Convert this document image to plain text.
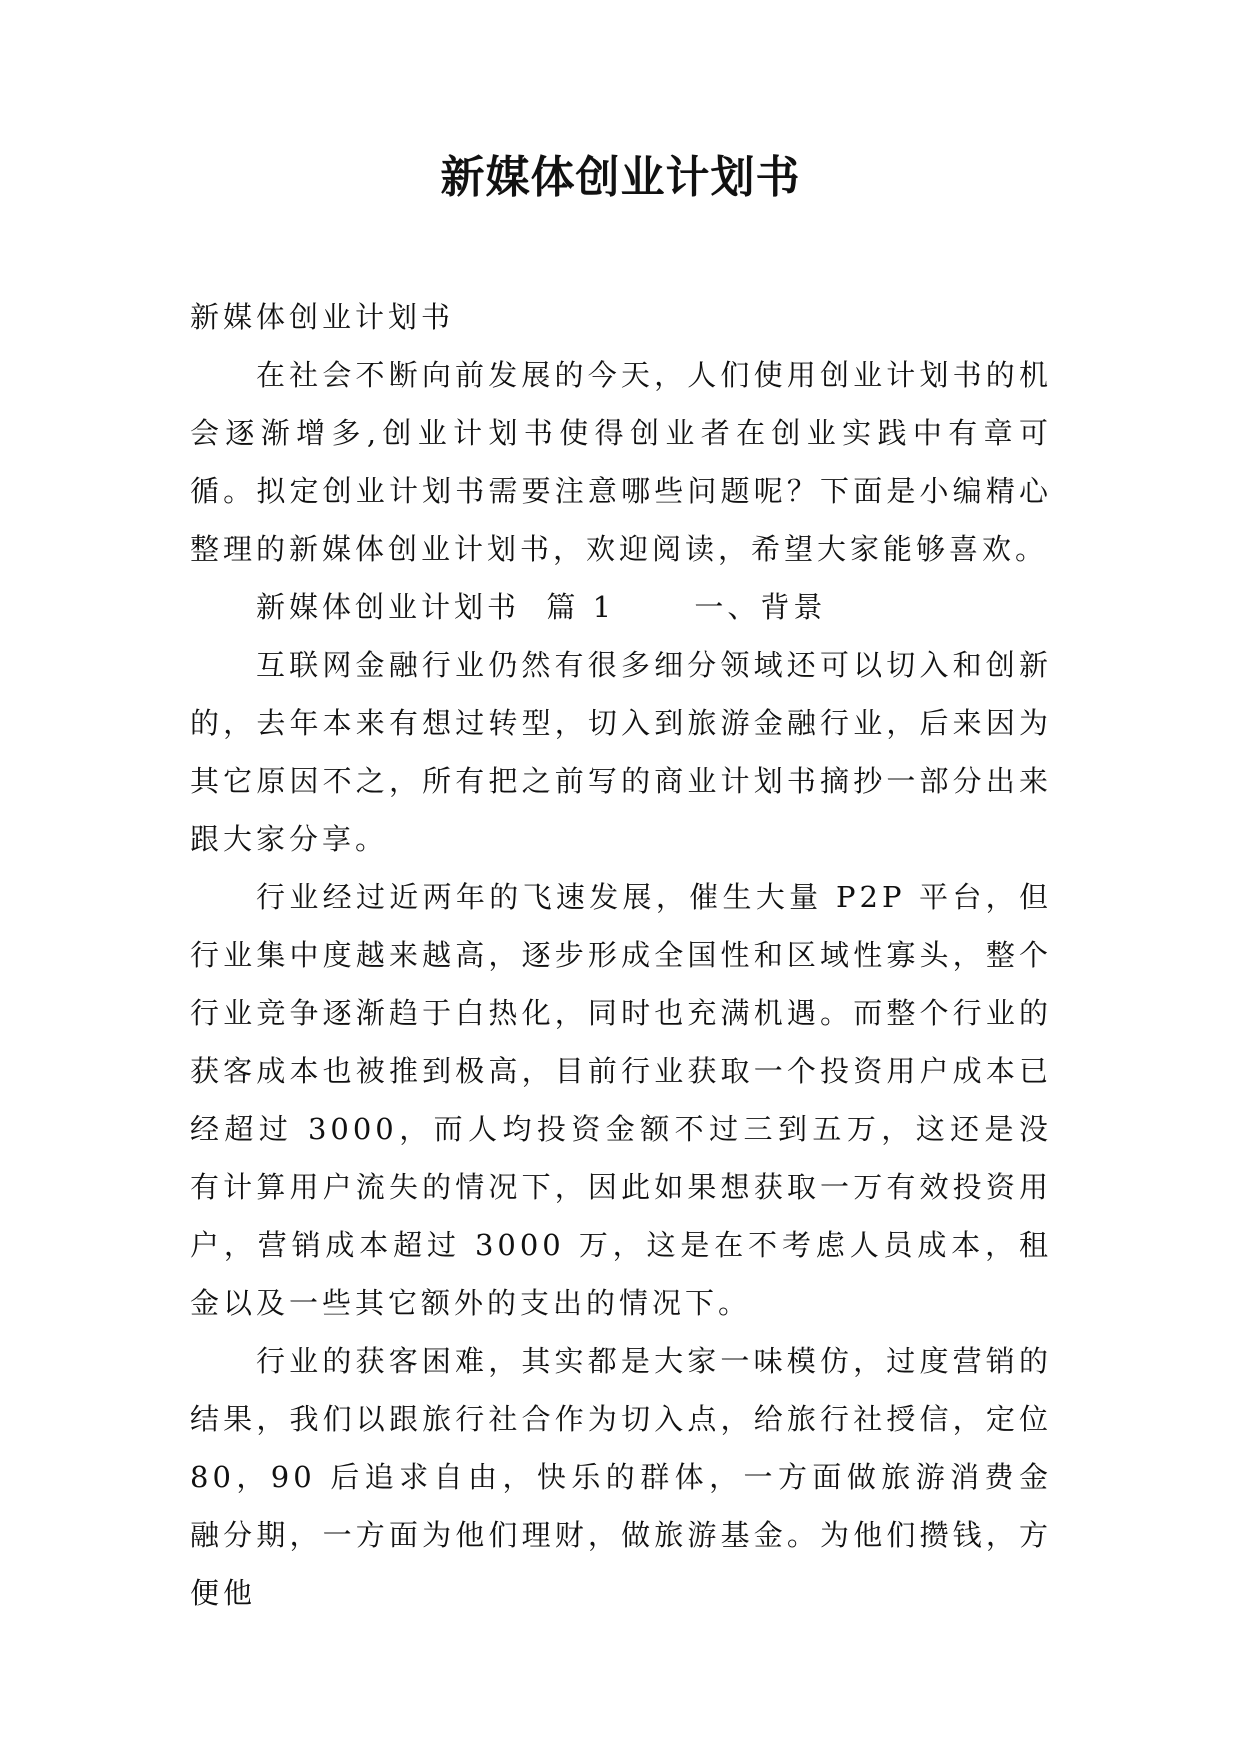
新媒体创业计划书

新媒体创业计划书

在社会不断向前发展的今天，人们使用创业计划书的机会逐渐增多,创业计划书使得创业者在创业实践中有章可循。拟定创业计划书需要注意哪些问题呢？下面是小编精心整理的新媒体创业计划书，欢迎阅读，希望大家能够喜欢。

新媒体创业计划书  篇 1      一、背景

互联网金融行业仍然有很多细分领域还可以切入和创新的，去年本来有想过转型，切入到旅游金融行业，后来因为其它原因不之，所有把之前写的商业计划书摘抄一部分出来跟大家分享。

行业经过近两年的飞速发展，催生大量 P2P 平台，但行业集中度越来越高，逐步形成全国性和区域性寡头，整个行业竞争逐渐趋于白热化，同时也充满机遇。而整个行业的获客成本也被推到极高，目前行业获取一个投资用户成本已经超过 3000，而人均投资金额不过三到五万，这还是没有计算用户流失的情况下，因此如果想获取一万有效投资用户，营销成本超过 3000 万，这是在不考虑人员成本，租金以及一些其它额外的支出的情况下。

行业的获客困难，其实都是大家一味模仿，过度营销的结果，我们以跟旅行社合作为切入点，给旅行社授信，定位 80，90 后追求自由，快乐的群体，一方面做旅游消费金融分期，一方面为他们理财，做旅游基金。为他们攒钱，方便他
